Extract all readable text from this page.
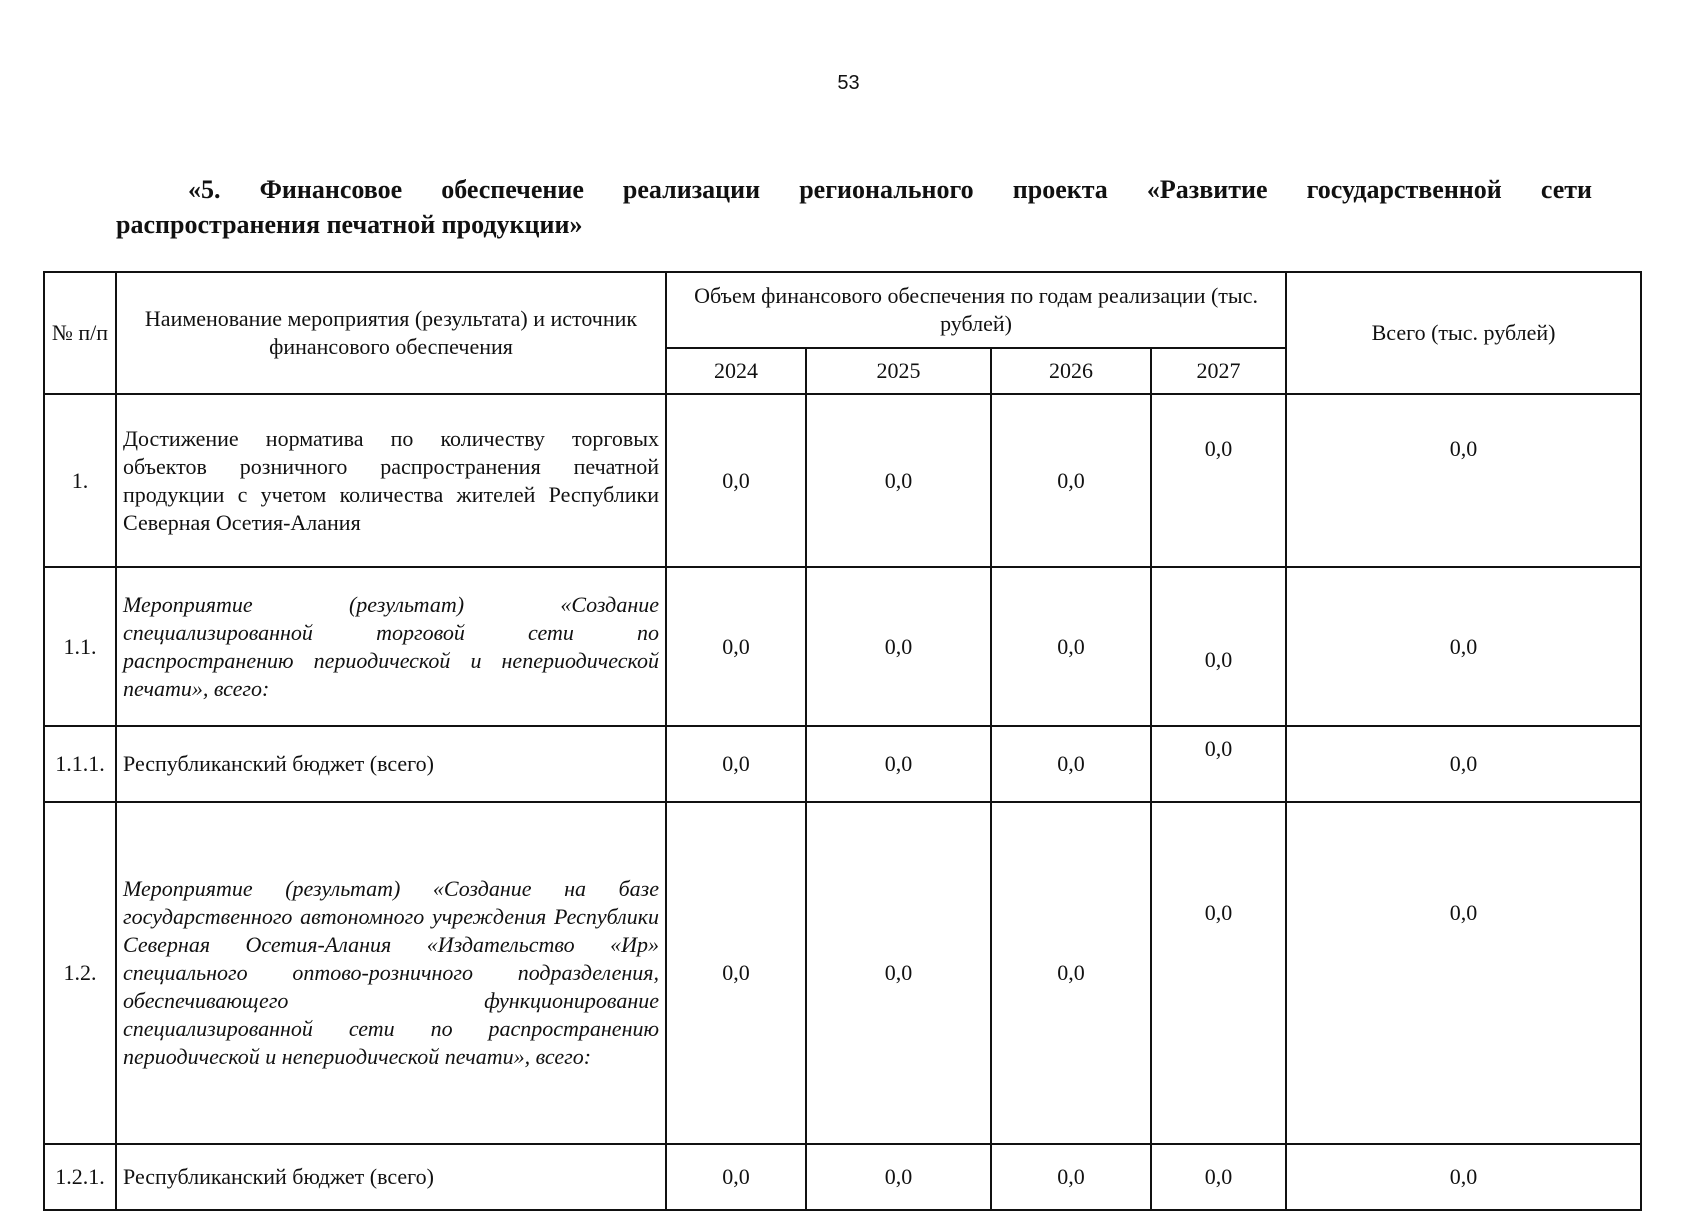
53
«5. Финансовое обеспечение реализации регионального проекта «Развитие государственной сети
распространения печатной продукции»
№ п/п	Наименование мероприятия (результата) и источник финансового обеспечения	Объем финансового обеспечения по годам реализации (тыс. рублей)				Всего (тыс. рублей)
		2024	2025	2026	2027	
1.	Достижение норматива по количеству торговых объектов розничного распространения печатной продукции с учетом количества жителей Республики Северная Осетия-Алания	0,0	0,0	0,0	0,0	0,0
1.1.	Мероприятие (результат) «Создание специализированной торговой сети по распространению периодической и непериодической печати», всего:	0,0	0,0	0,0	0,0	0,0
1.1.1.	Республиканский бюджет (всего)	0,0	0,0	0,0	0,0	0,0
1.2.	Мероприятие (результат) «Создание на базе государственного автономного учреждения Республики Северная Осетия-Алания «Издательство «Ир» специального оптово-розничного подразделения, обеспечивающего функционирование специализированной сети по распространению периодической и непериодической печати», всего:	0,0	0,0	0,0	0,0	0,0
1.2.1.	Республиканский бюджет (всего)	0,0	0,0	0,0	0,0	0,0
